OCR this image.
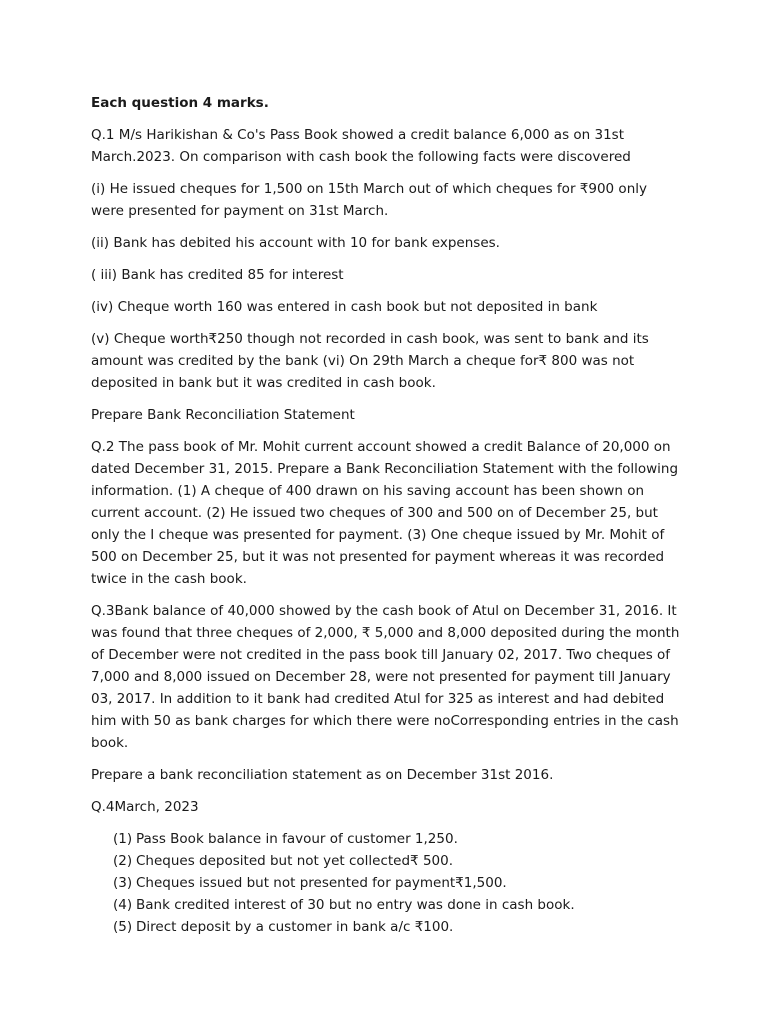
Each question 4 marks.

Q.1 M/s Harikishan & Co's Pass Book showed a credit balance 6,000 as on 31st March.2023. On comparison with cash book the following facts were discovered

(i) He issued cheques for 1,500 on 15th March out of which cheques for ₹900 only were presented for payment on 31st March.

(ii) Bank has debited his account with 10 for bank expenses.

( iii) Bank has credited 85 for interest

(iv) Cheque worth 160 was entered in cash book but not deposited in bank

(v) Cheque worth₹250 though not recorded in cash book, was sent to bank and its amount was credited by the bank (vi) On 29th March a cheque for₹ 800 was not deposited in bank but it was credited in cash book.

Prepare Bank Reconciliation Statement

Q.2 The pass book of Mr. Mohit current account showed a credit Balance of 20,000 on dated December 31, 2015. Prepare a Bank Reconciliation Statement with the following information. (1) A cheque of 400 drawn on his saving account has been shown on current account. (2) He issued two cheques of 300 and 500 on of December 25, but only the I cheque was presented for payment. (3) One cheque issued by Mr. Mohit of 500 on December 25, but it was not presented for payment whereas it was recorded twice in the cash book.

Q.3Bank balance of 40,000 showed by the cash book of Atul on December 31, 2016. It was found that three cheques of 2,000, ₹ 5,000 and 8,000 deposited during the month of December were not credited in the pass book till January 02, 2017. Two cheques of 7,000 and 8,000 issued on December 28, were not presented for payment till January 03, 2017. In addition to it bank had credited Atul for 325 as interest and had debited him with 50 as bank charges for which there were noCorresponding entries in the cash book.

Prepare a bank reconciliation statement as on December 31st 2016.

Q.4March, 2023

(1) Pass Book balance in favour of customer 1,250.
(2) Cheques deposited but not yet collected₹ 500.
(3) Cheques issued but not presented for payment₹1,500.
(4) Bank credited interest of 30 but no entry was done in cash book.
(5) Direct deposit by a customer in bank a/c ₹100.
